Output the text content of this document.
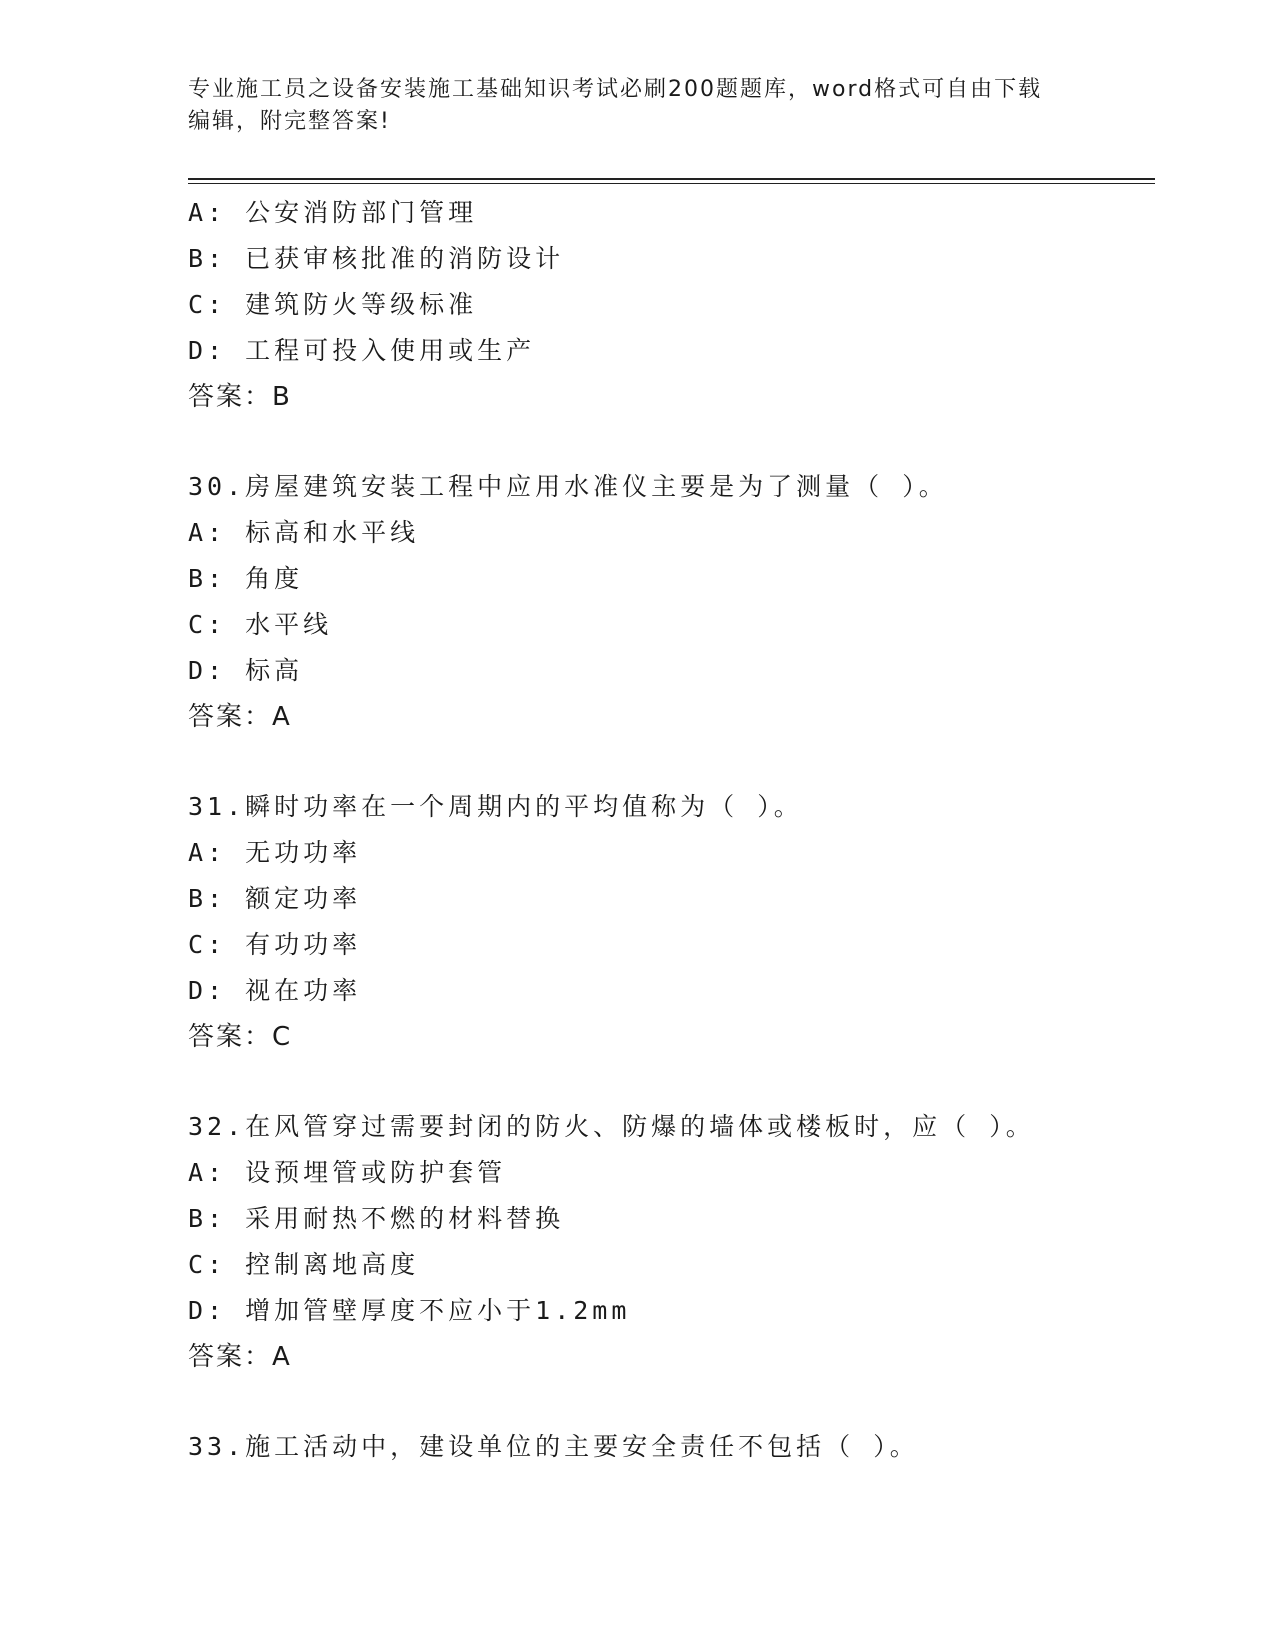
专业施工员之设备安装施工基础知识考试必刷200题题库，word格式可自由下载
编辑，附完整答案!
A: 公安消防部门管理
B: 已获审核批准的消防设计
C: 建筑防火等级标准
D: 工程可投入使用或生产
答案：B
30.房屋建筑安装工程中应用水准仪主要是为了测量（ ）。
A: 标高和水平线
B: 角度
C: 水平线
D: 标高
答案：A
31.瞬时功率在一个周期内的平均值称为（ ）。
A: 无功功率
B: 额定功率
C: 有功功率
D: 视在功率
答案：C
32.在风管穿过需要封闭的防火、防爆的墙体或楼板时，应（ ）。
A: 设预埋管或防护套管
B: 采用耐热不燃的材料替换
C: 控制离地高度
D: 增加管壁厚度不应小于1.2mm
答案：A
33.施工活动中，建设单位的主要安全责任不包括（ ）。
